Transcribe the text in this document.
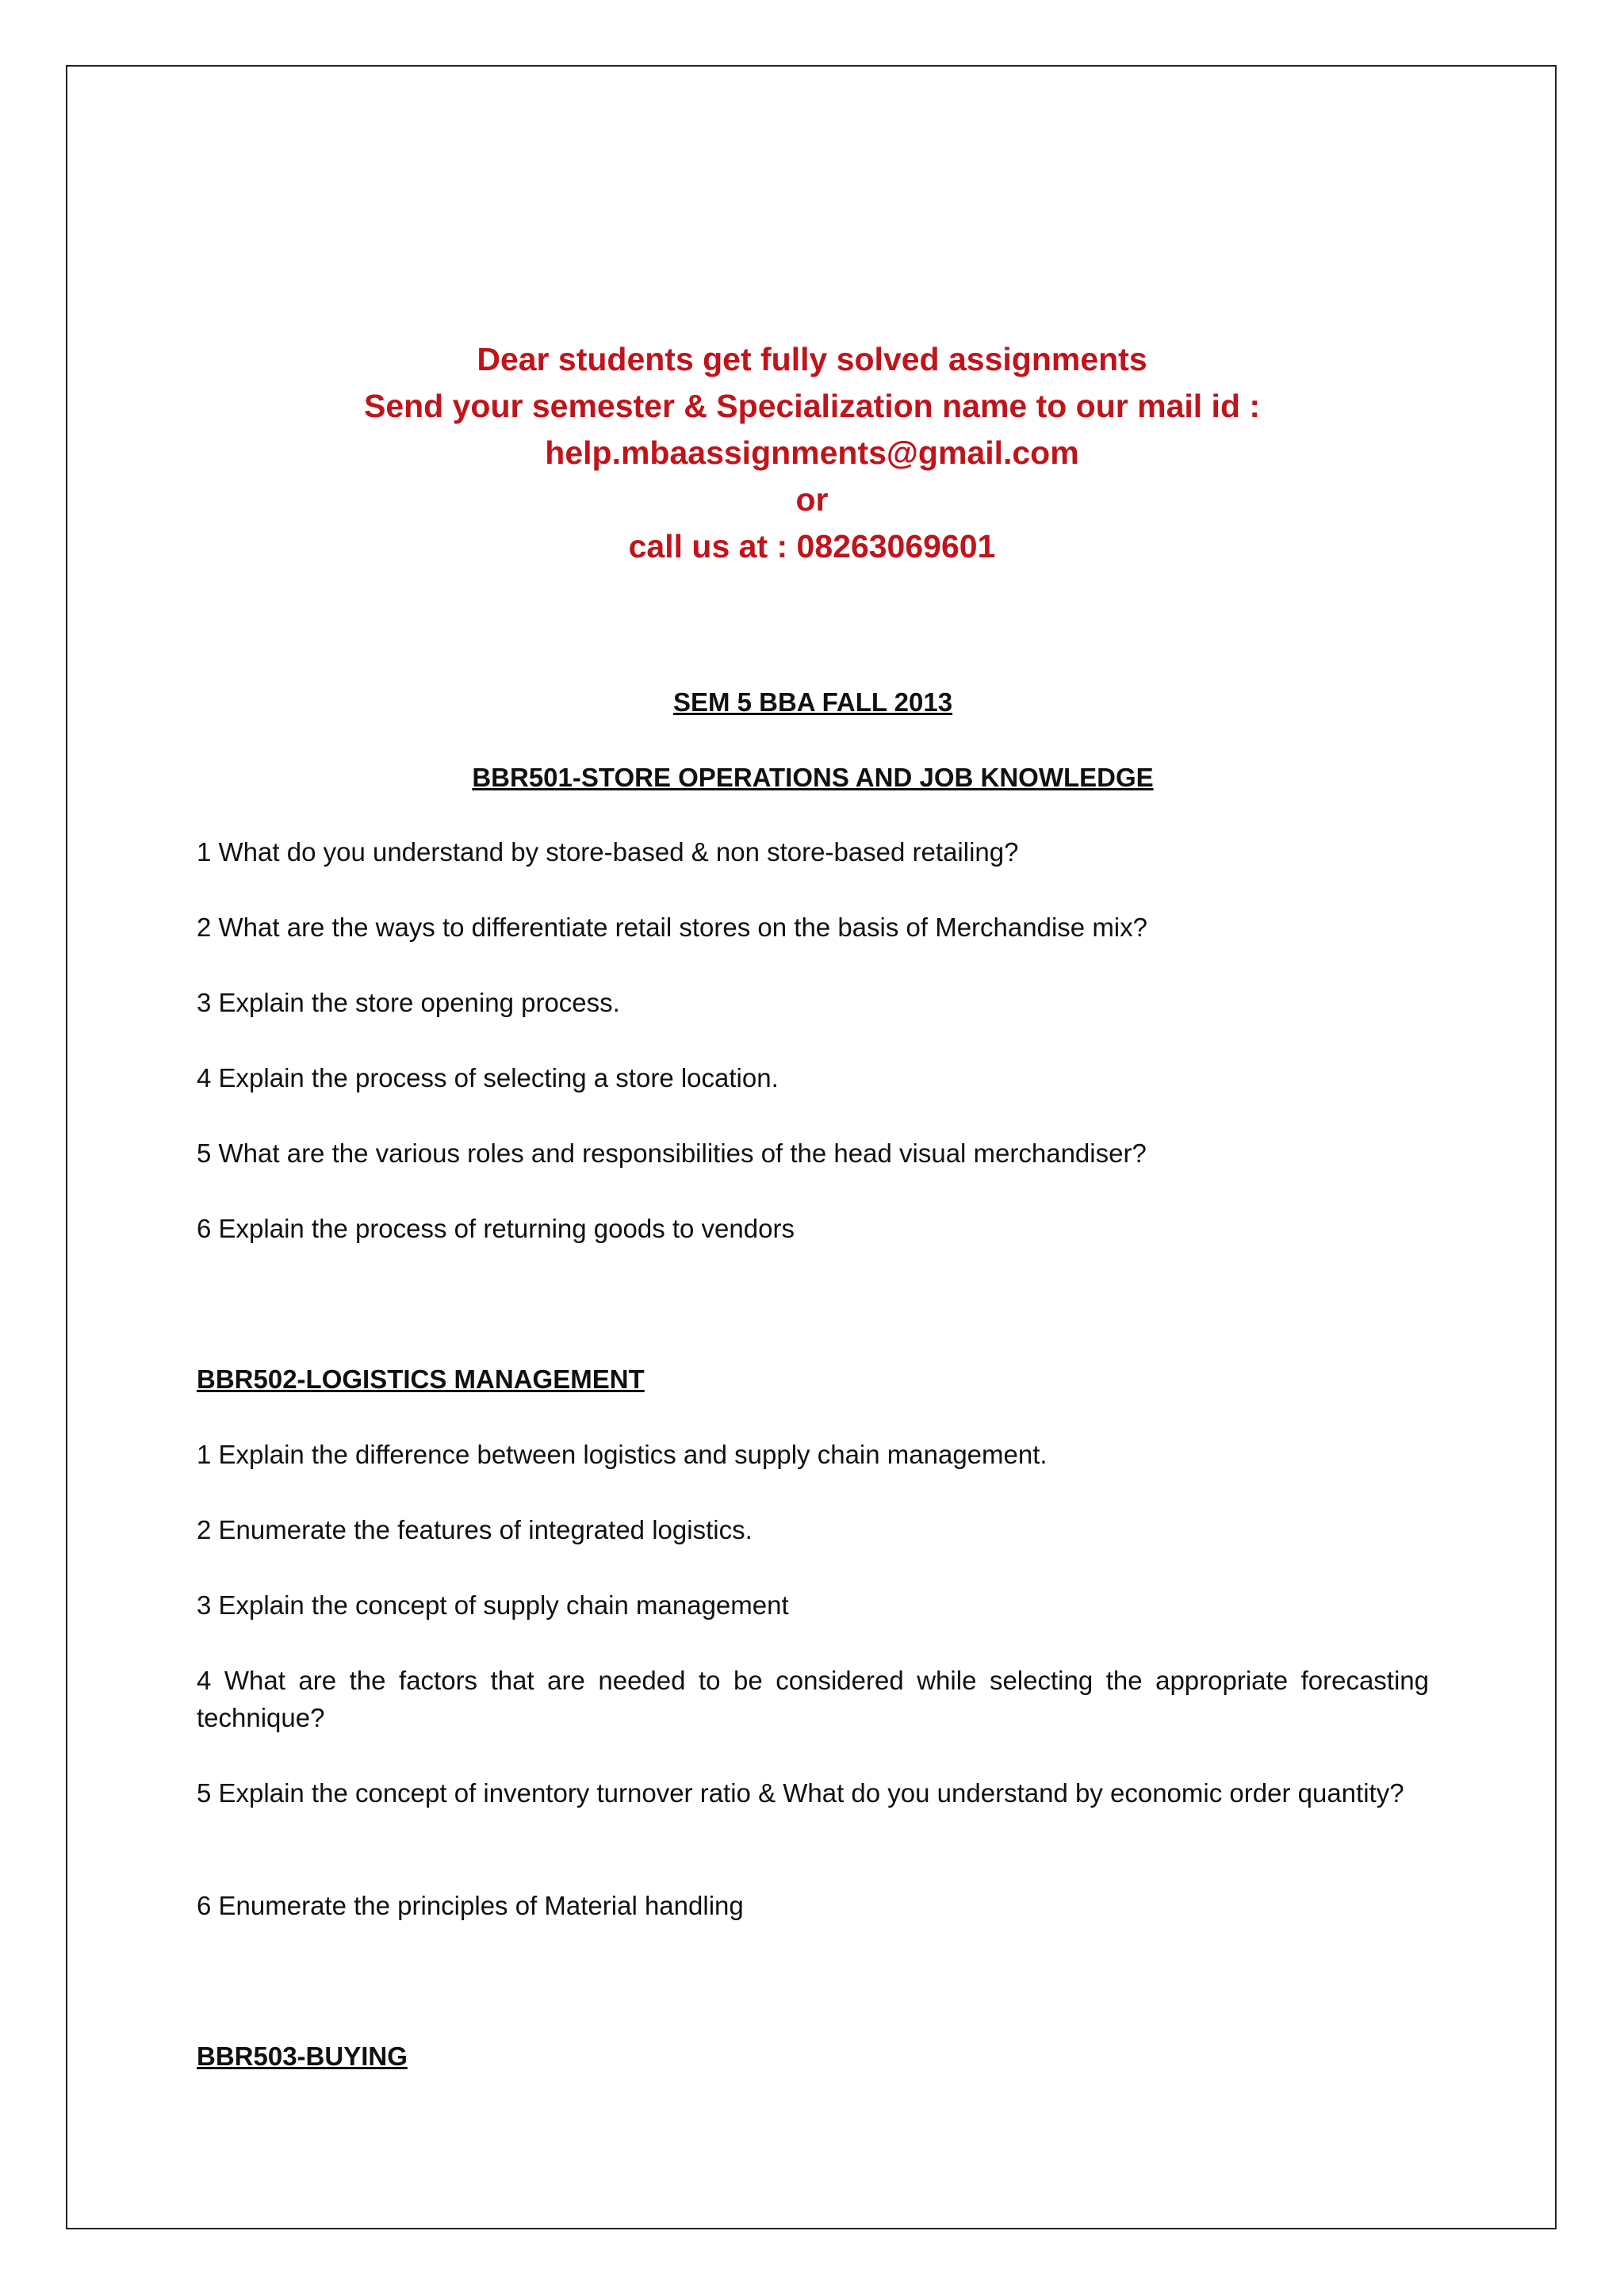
Dear students get fully solved assignments
Send your semester & Specialization name to our mail id :
help.mbaassignments@gmail.com
or
call us at : 08263069601
SEM 5 BBA FALL 2013
BBR501-STORE OPERATIONS AND JOB KNOWLEDGE
1 What do you understand by store-based & non store-based retailing?
2 What are the ways to differentiate retail stores on the basis of Merchandise mix?
3 Explain the store opening process.
4 Explain the process of selecting a store location.
5 What are the various roles and responsibilities of the head visual merchandiser?
6 Explain the process of returning goods to vendors
BBR502-LOGISTICS MANAGEMENT
1 Explain the difference between logistics and supply chain management.
2 Enumerate the features of integrated logistics.
3 Explain the concept of supply chain management
4 What are the factors that are needed to be considered while selecting the appropriate forecasting technique?
5 Explain the concept of inventory turnover ratio & What do you understand by economic order quantity?
6 Enumerate the principles of Material handling
BBR503-BUYING
